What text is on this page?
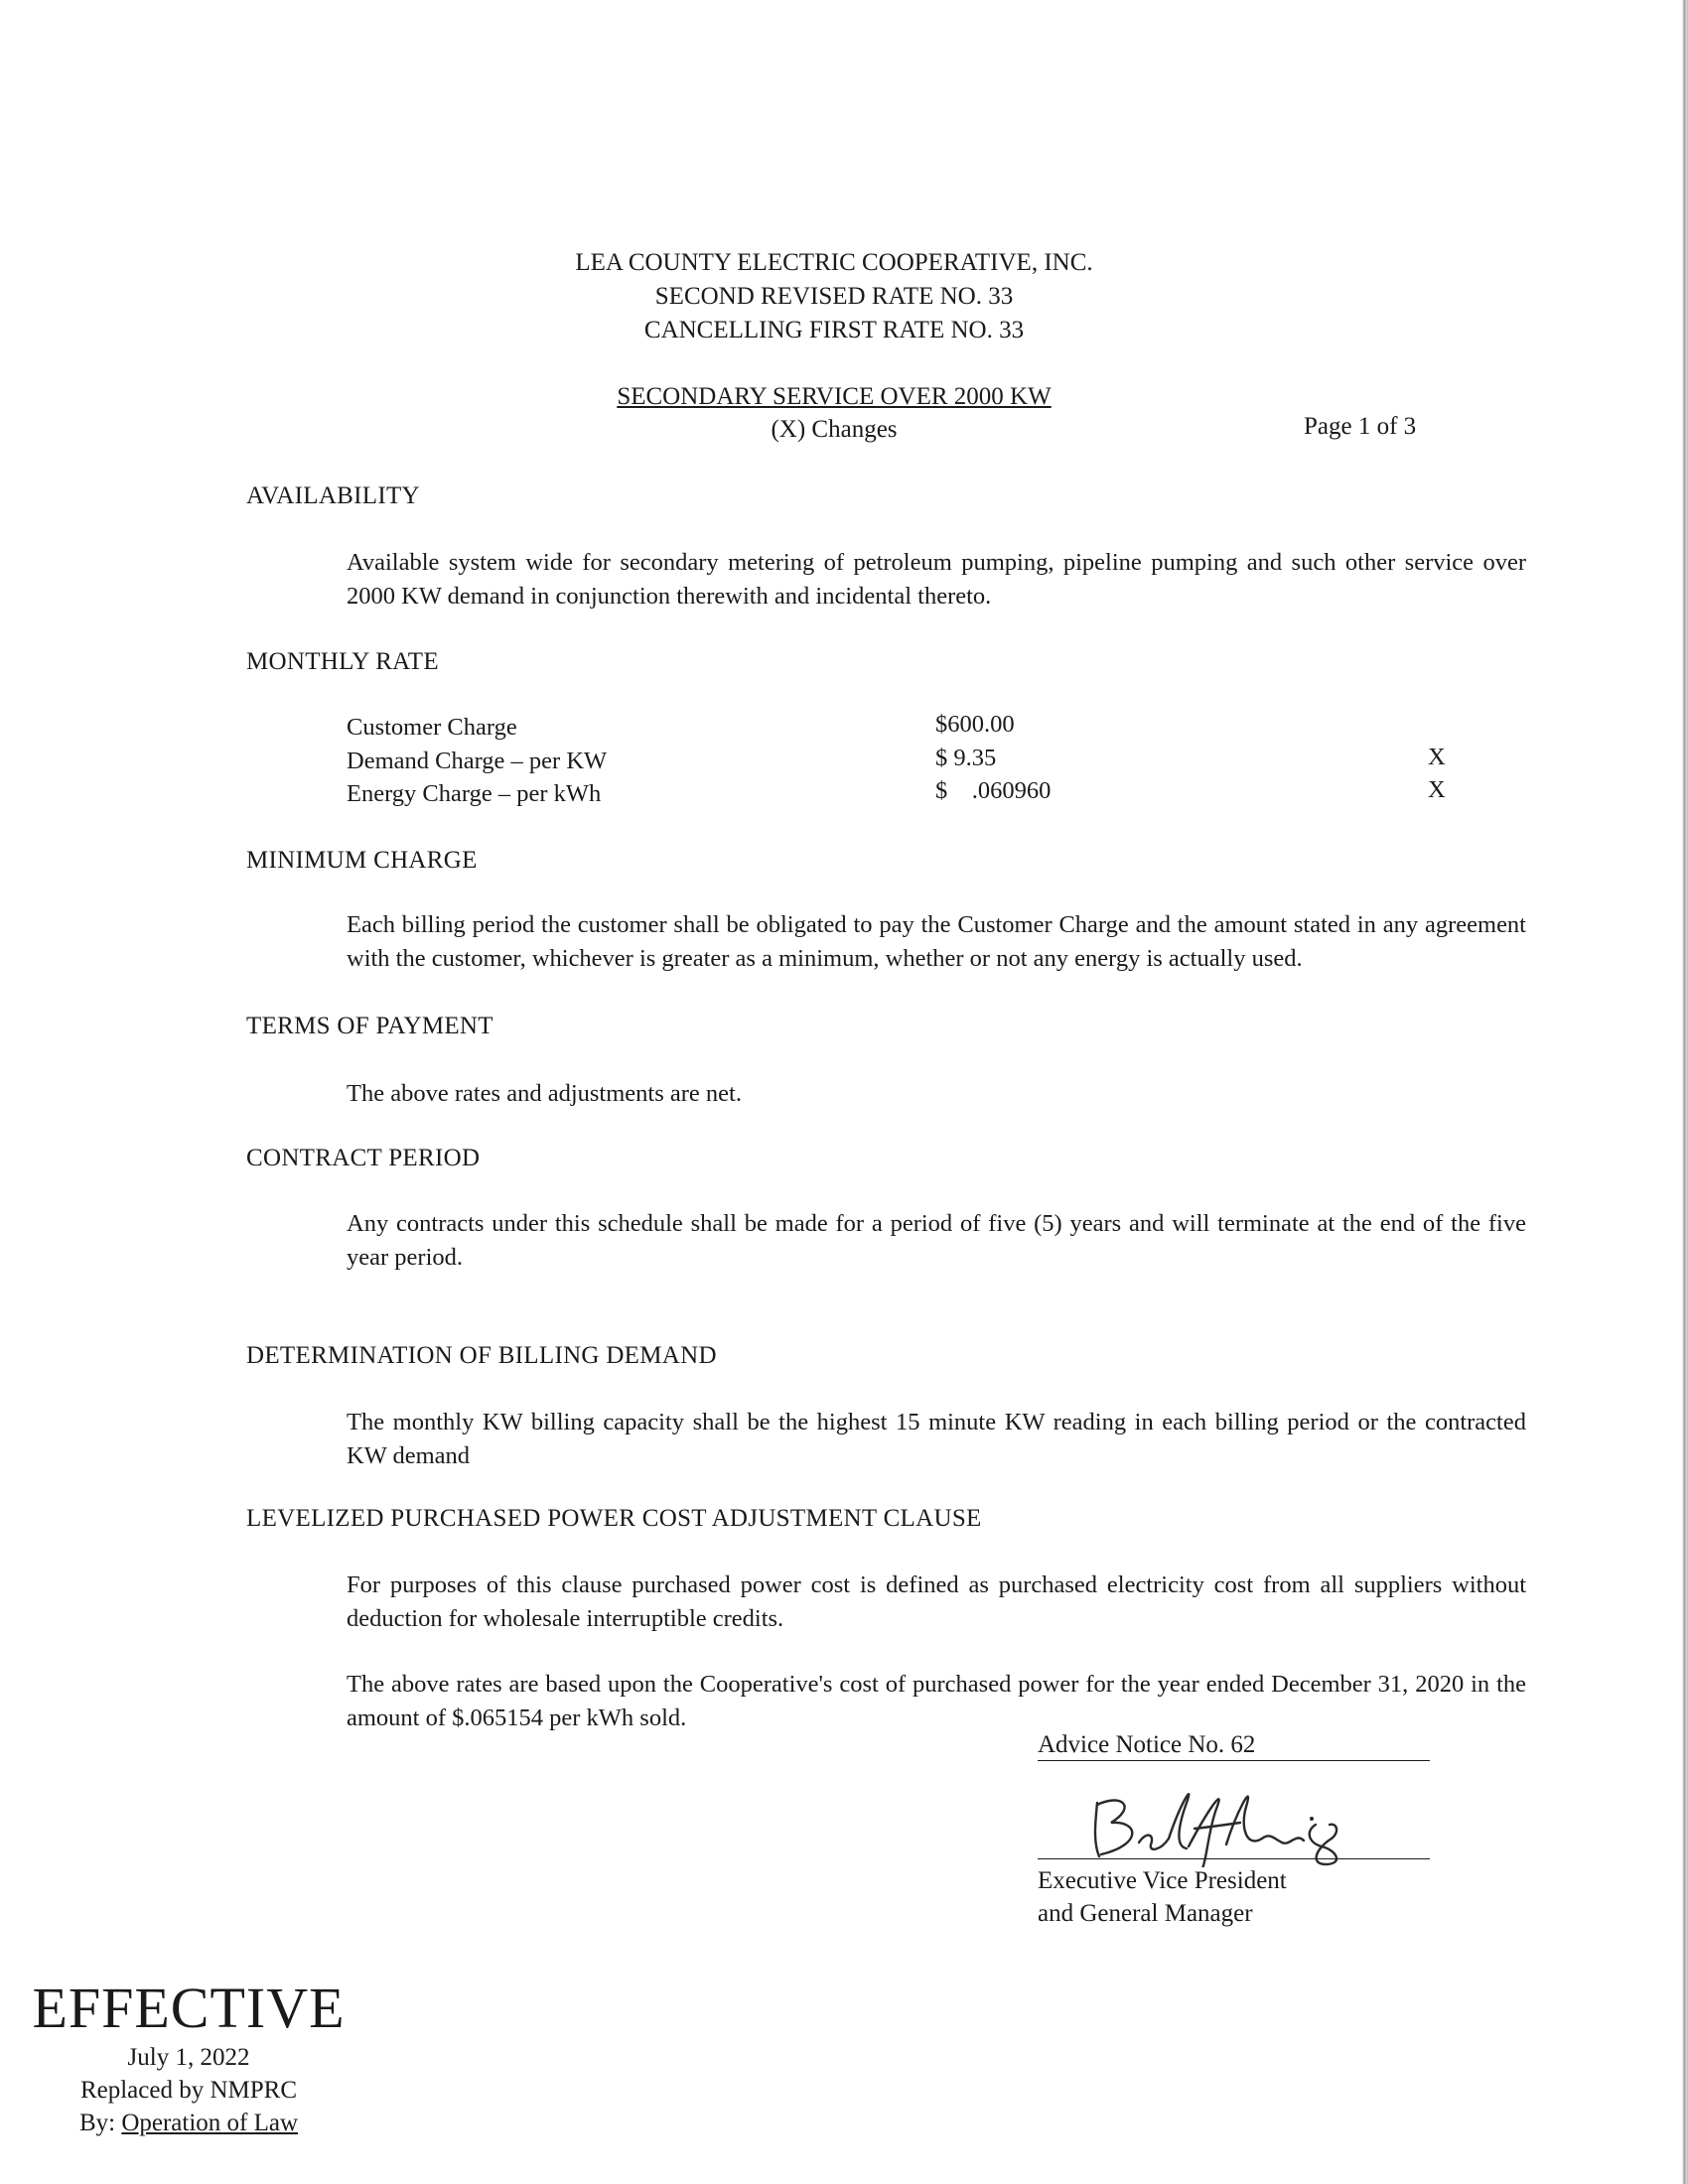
LEA COUNTY ELECTRIC COOPERATIVE, INC.
SECOND REVISED RATE NO. 33
CANCELLING FIRST RATE NO. 33
SECONDARY SERVICE OVER 2000 KW
(X) Changes	Page 1 of 3
AVAILABILITY
Available system wide for secondary metering of petroleum pumping, pipeline pumping and such other service over 2000 KW demand in conjunction therewith and incidental thereto.
MONTHLY RATE
Customer Charge	$600.00
Demand Charge – per KW	$ 9.35	X
Energy Charge – per kWh	$    .060960	X
MINIMUM CHARGE
Each billing period the customer shall be obligated to pay the Customer Charge and the amount stated in any agreement with the customer, whichever is greater as a minimum, whether or not any energy is actually used.
TERMS OF PAYMENT
The above rates and adjustments are net.
CONTRACT PERIOD
Any contracts under this schedule shall be made for a period of five (5) years and will terminate at the end of the five year period.
DETERMINATION OF BILLING DEMAND
The monthly KW billing capacity shall be the highest 15 minute KW reading in each billing period or the contracted KW demand
LEVELIZED PURCHASED POWER COST ADJUSTMENT CLAUSE
For purposes of this clause purchased power cost is defined as purchased electricity cost from all suppliers without deduction for wholesale interruptible credits.
The above rates are based upon the Cooperative's cost of purchased power for the year ended December 31, 2020 in the amount of $.065154 per kWh sold.
Advice Notice No. 62
Executive Vice President
and General Manager
EFFECTIVE
July 1, 2022
Replaced by NMPRC
By: Operation of Law
